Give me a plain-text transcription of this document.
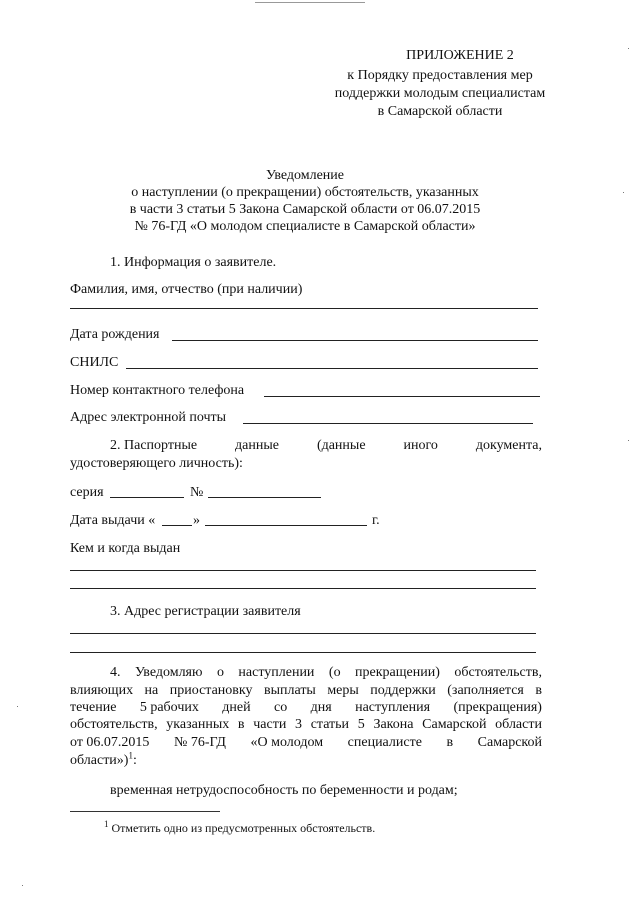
ПРИЛОЖЕНИЕ 2
к Порядку предоставления мер
поддержки молодым специалистам
в Самарской области
Уведомление
о наступлении (о прекращении) обстоятельств, указанных
в части 3 статьи 5 Закона Самарской области от 06.07.2015
№ 76-ГД «О молодом специалисте в Самарской области»
1. Информация о заявителе.
Фамилия, имя, отчество (при наличии)
Дата рождения
СНИЛС
Номер контактного телефона
Адрес электронной почты
2. Паспортные	данные	(данные	иного	документа,
удостоверяющего личность):
серия	№
Дата выдачи «	»	г.
Кем и когда выдан
3. Адрес регистрации заявителя
4. Уведомляю о наступлении (о прекращении) обстоятельств,
влияющих на приостановку выплаты меры поддержки (заполняется в
течение 5 рабочих дней со дня наступления (прекращения)
обстоятельств, указанных в части 3 статьи 5 Закона Самарской области
от 06.07.2015 № 76-ГД «О молодом специалисте в Самарской
области»)$^1$:
временная нетрудоспособность по беременности и родам;
$^1$ Отметить одно из предусмотренных обстоятельств.
